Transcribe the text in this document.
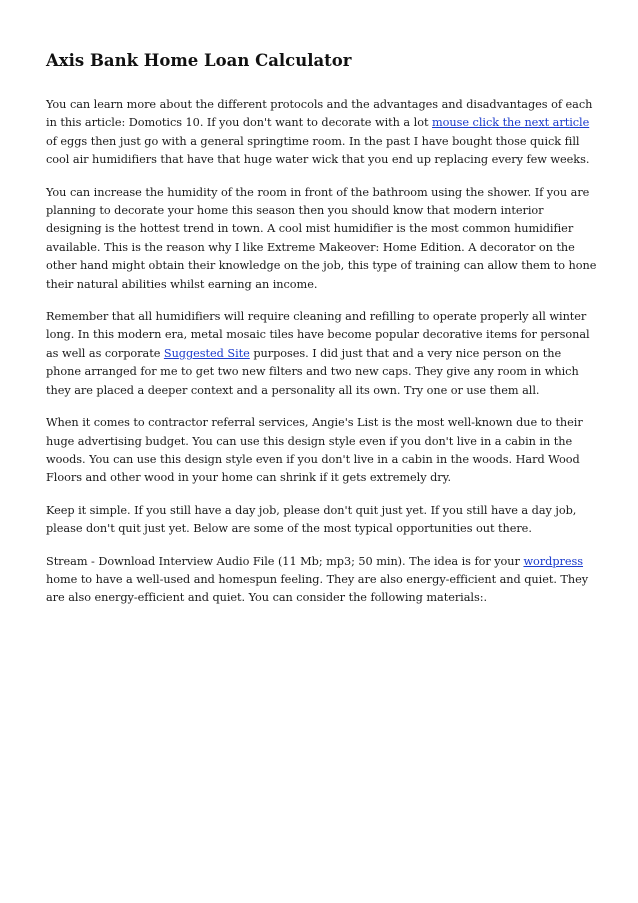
Axis Bank Home Loan Calculator

You can learn more about the different protocols and the advantages and disadvantages of each in this article: Domotics 10. If you don't want to decorate with a lot mouse click the next article of eggs then just go with a general springtime room. In the past I have bought those quick fill cool air humidifiers that have that huge water wick that you end up replacing every few weeks.

You can increase the humidity of the room in front of the bathroom using the shower. If you are planning to decorate your home this season then you should know that modern interior designing is the hottest trend in town. A cool mist humidifier is the most common humidifier available. This is the reason why I like Extreme Makeover: Home Edition. A decorator on the other hand might obtain their knowledge on the job, this type of training can allow them to hone their natural abilities whilst earning an income.

Remember that all humidifiers will require cleaning and refilling to operate properly all winter long. In this modern era, metal mosaic tiles have become popular decorative items for personal as well as corporate Suggested Site purposes. I did just that and a very nice person on the phone arranged for me to get two new filters and two new caps. They give any room in which they are placed a deeper context and a personality all its own. Try one or use them all.

When it comes to contractor referral services, Angie's List is the most well-known due to their huge advertising budget. You can use this design style even if you don't live in a cabin in the woods. You can use this design style even if you don't live in a cabin in the woods. Hard Wood Floors and other wood in your home can shrink if it gets extremely dry.

Keep it simple. If you still have a day job, please don't quit just yet. If you still have a day job, please don't quit just yet. Below are some of the most typical opportunities out there.

Stream - Download Interview Audio File (11 Mb; mp3; 50 min). The idea is for your wordpress home to have a well-used and homespun feeling. They are also energy-efficient and quiet. They are also energy-efficient and quiet. You can consider the following materials:.
